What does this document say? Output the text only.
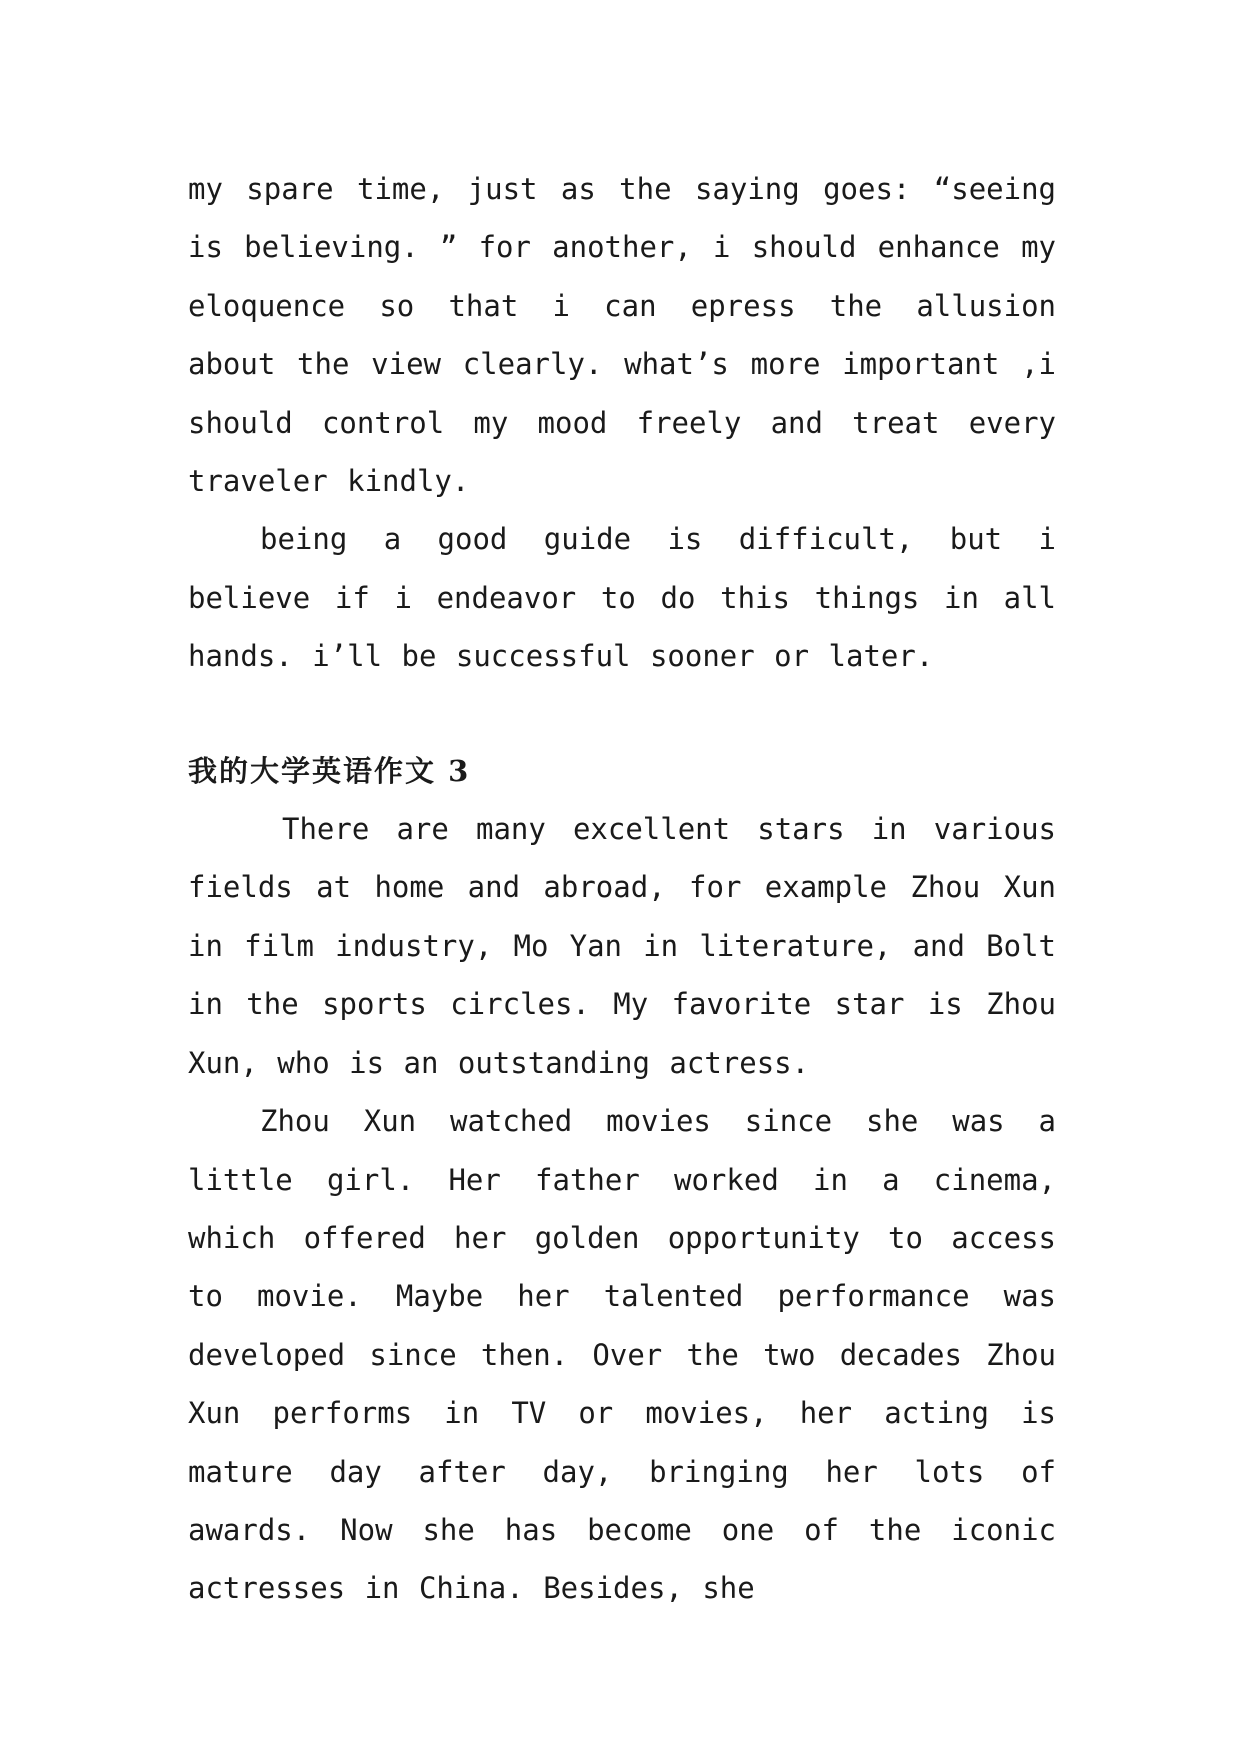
my spare time, just as the saying goes: “seeing is believing. ” for another, i should enhance my eloquence so that i can epress the allusion about the view clearly. what’s more important ,i should control my mood freely and treat every traveler kindly.

being a good guide is difficult, but i believe if i endeavor to do this things in all hands. i’ll be successful sooner or later.

我的大学英语作文 3

There are many excellent stars in various fields at home and abroad, for example Zhou Xun in film industry, Mo Yan in literature, and Bolt in the sports circles. My favorite star is Zhou Xun, who is an outstanding actress.

Zhou Xun watched movies since she was a little girl. Her father worked in a cinema, which offered her golden opportunity to access to movie. Maybe her talented performance was developed since then. Over the two decades Zhou Xun performs in TV or movies, her acting is mature day after day, bringing her lots of awards. Now she has become one of the iconic actresses in China. Besides, she
